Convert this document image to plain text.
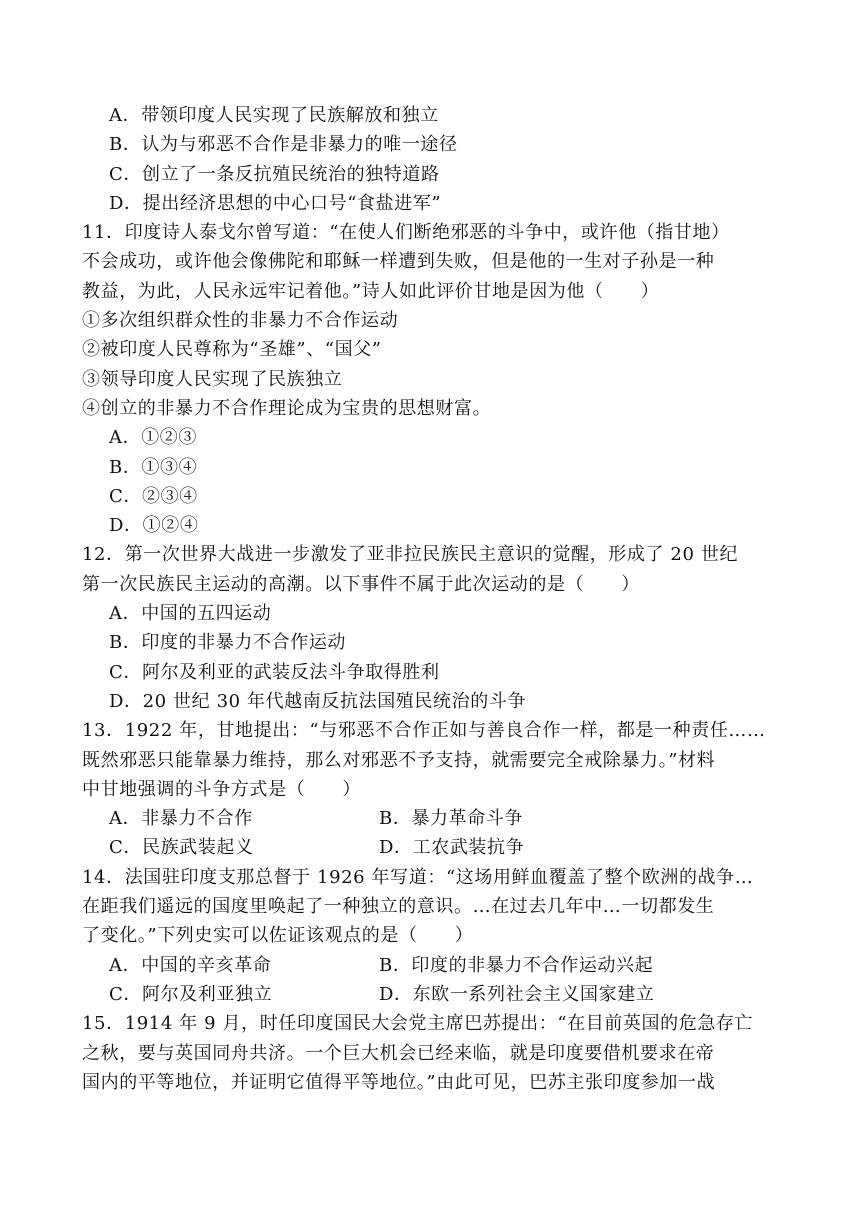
A．带领印度人民实现了民族解放和独立
B．认为与邪恶不合作是非暴力的唯一途径
C．创立了一条反抗殖民统治的独特道路
D．提出经济思想的中心口号“食盐进军”
11．印度诗人泰戈尔曾写道：“在使人们断绝邪恶的斗争中，或许他（指甘地）
不会成功，或许他会像佛陀和耶稣一样遭到失败，但是他的一生对子孙是一种
教益，为此，人民永远牢记着他。”诗人如此评价甘地是因为他（　　）
①多次组织群众性的非暴力不合作运动
②被印度人民尊称为“圣雄”、“国父”
③领导印度人民实现了民族独立
④创立的非暴力不合作理论成为宝贵的思想财富。
A．①②③
B．①③④
C．②③④
D．①②④
12．第一次世界大战进一步激发了亚非拉民族民主意识的觉醒，形成了 20 世纪
第一次民族民主运动的高潮。以下事件不属于此次运动的是（　　）
A．中国的五四运动
B．印度的非暴力不合作运动
C．阿尔及利亚的武装反法斗争取得胜利
D．20 世纪 30 年代越南反抗法国殖民统治的斗争
13．1922 年，甘地提出：“与邪恶不合作正如与善良合作一样，都是一种责任……
既然邪恶只能靠暴力维持，那么对邪恶不予支持，就需要完全戒除暴力。”材料
中甘地强调的斗争方式是（　　）
A．非暴力不合作	B．暴力革命斗争
C．民族武装起义	D．工农武装抗争
14．法国驻印度支那总督于 1926 年写道：“这场用鲜血覆盖了整个欧洲的战争…
在距我们遥远的国度里唤起了一种独立的意识。…在过去几年中…一切都发生
了变化。”下列史实可以佐证该观点的是（　　）
A．中国的辛亥革命	B．印度的非暴力不合作运动兴起
C．阿尔及利亚独立	D．东欧一系列社会主义国家建立
15．1914 年 9 月，时任印度国民大会党主席巴苏提出：“在目前英国的危急存亡
之秋，要与英国同舟共济。一个巨大机会已经来临，就是印度要借机要求在帝
国内的平等地位，并证明它值得平等地位。”由此可见，巴苏主张印度参加一战
